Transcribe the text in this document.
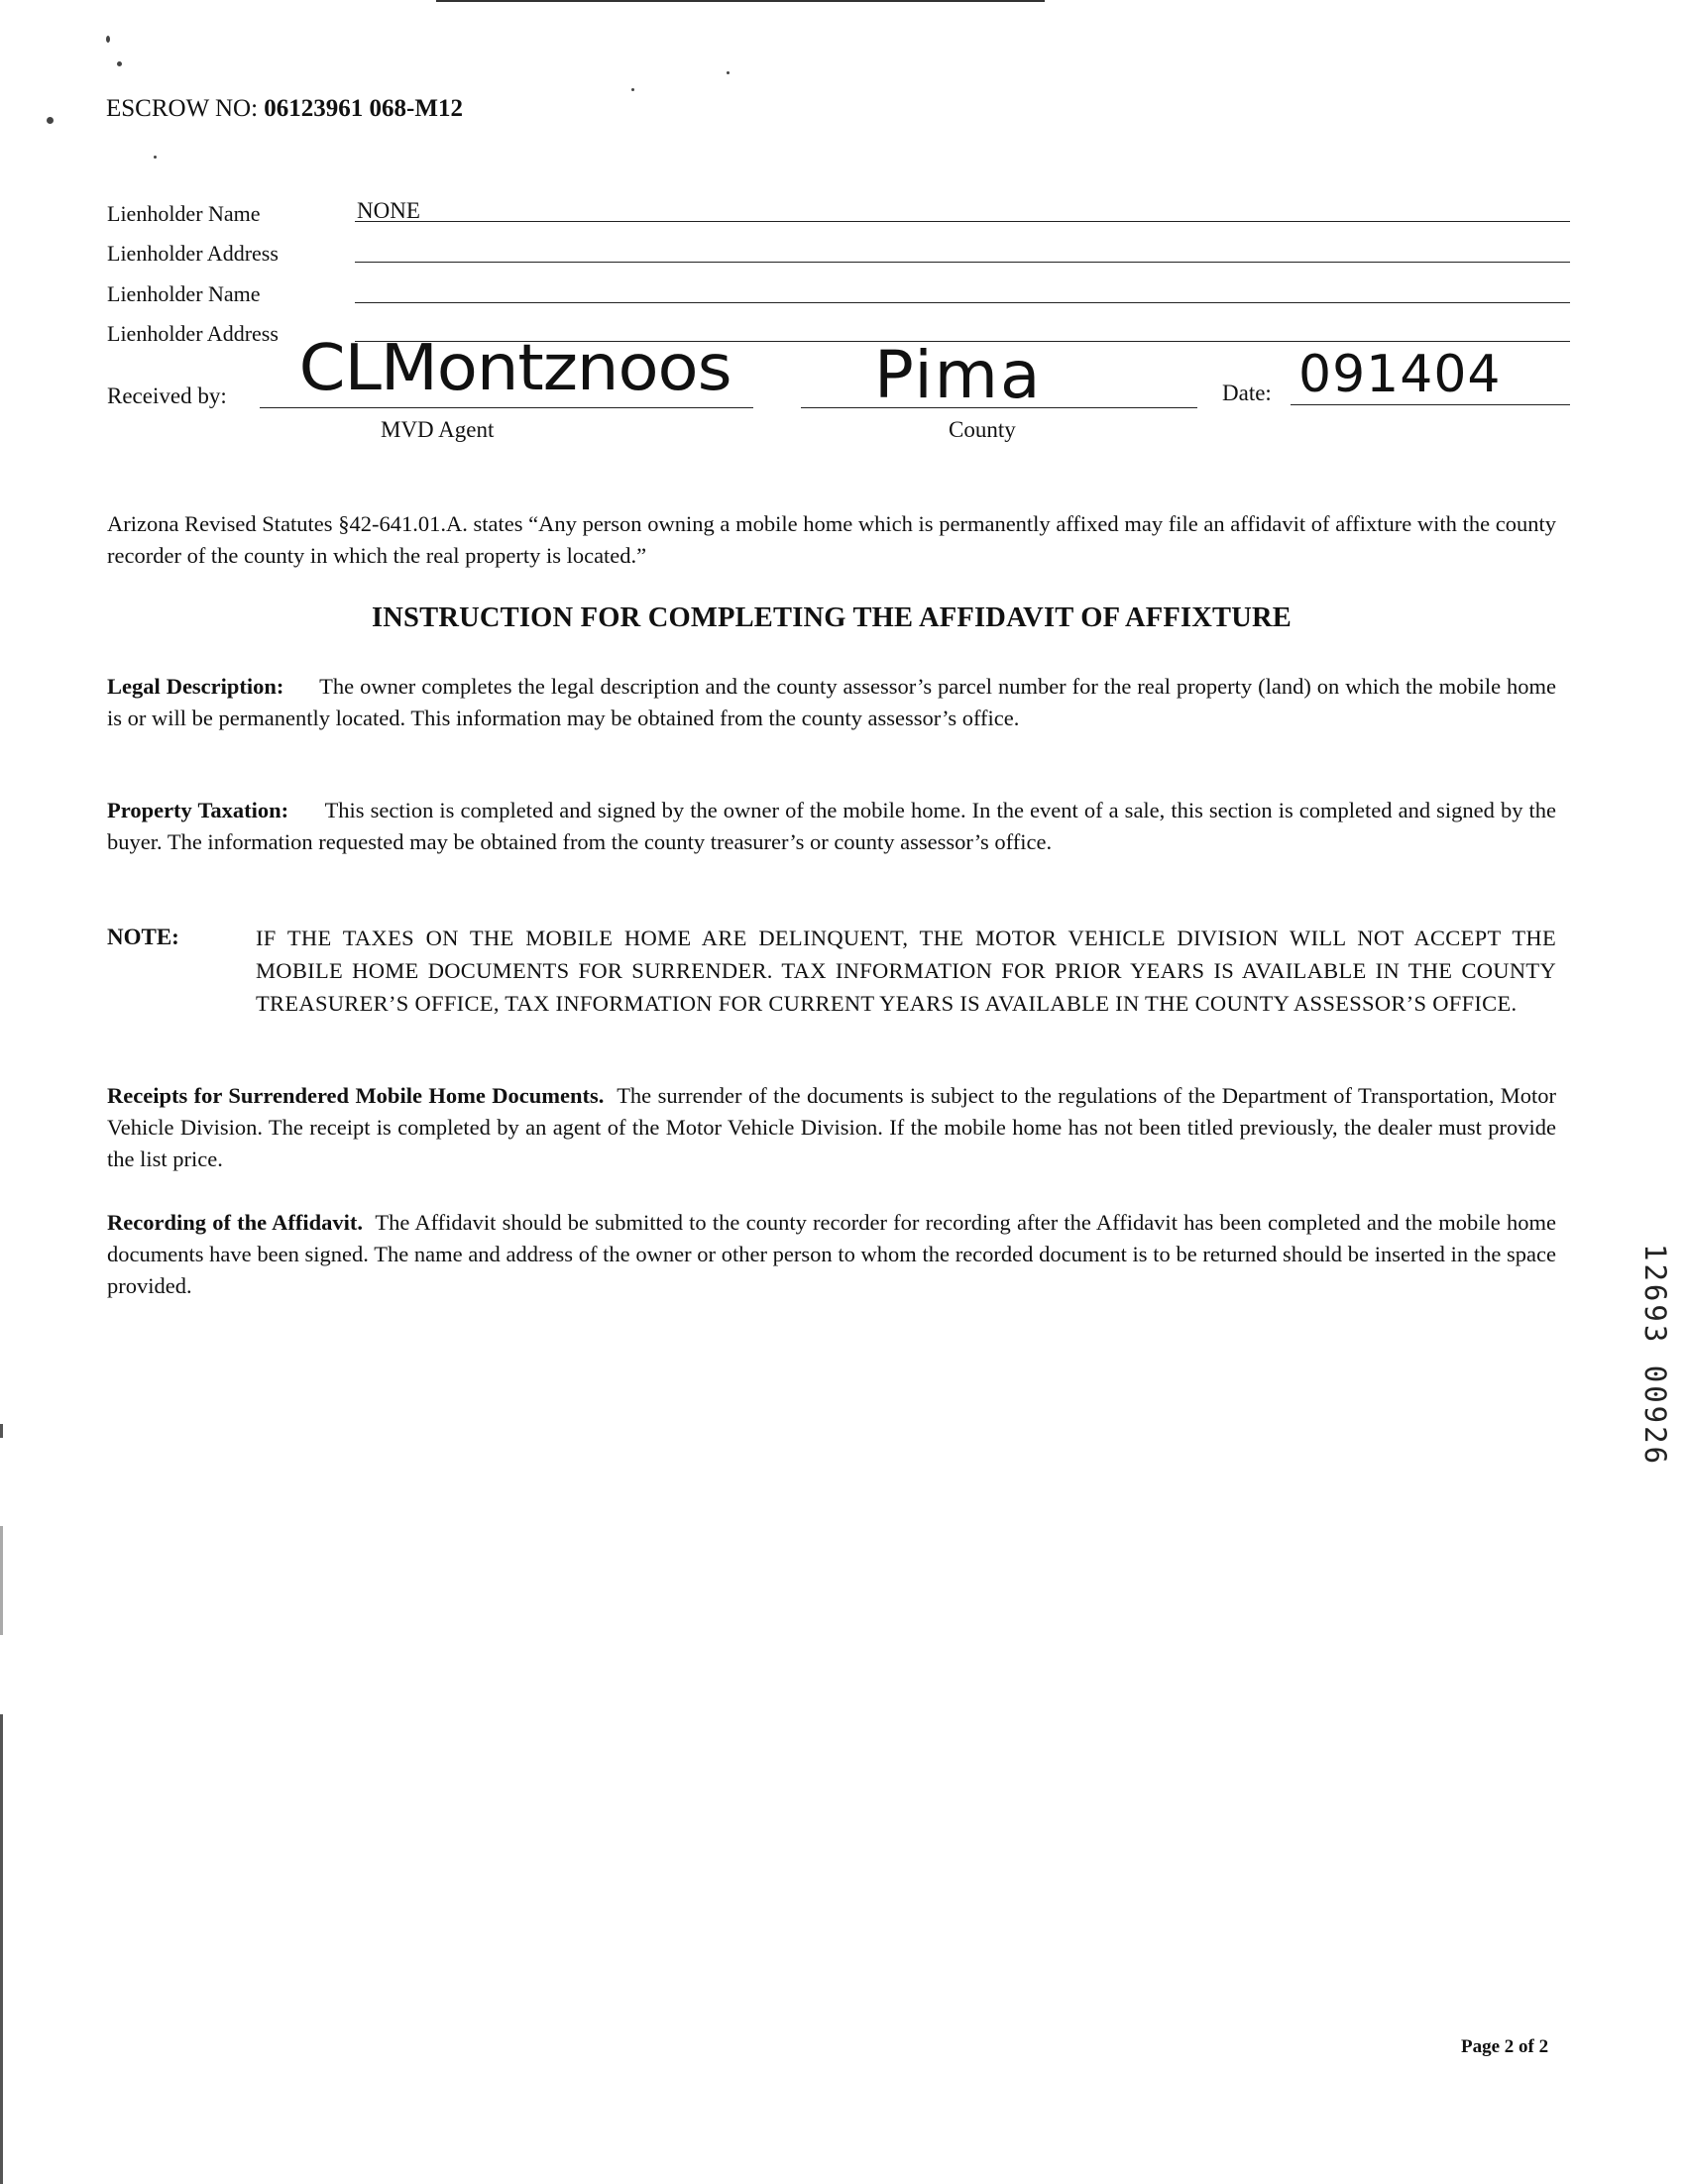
ESCROW NO: 06123961 068-M12
Lienholder Name	NONE
Lienholder Address
Lienholder Name
Lienholder Address
Received by: CLMontznoos
MVD Agent
Pima
County
Date: 091404
Arizona Revised Statutes §42-641.01.A. states “Any person owning a mobile home which is permanently affixed may file an affidavit of affixture with the county recorder of the county in which the real property is located.”
INSTRUCTION FOR COMPLETING THE AFFIDAVIT OF AFFIXTURE
Legal Description: The owner completes the legal description and the county assessor’s parcel number for the real property (land) on which the mobile home is or will be permanently located. This information may be obtained from the county assessor’s office.
Property Taxation: This section is completed and signed by the owner of the mobile home. In the event of a sale, this section is completed and signed by the buyer. The information requested may be obtained from the county treasurer’s or county assessor’s office.
NOTE:	IF THE TAXES ON THE MOBILE HOME ARE DELINQUENT, THE MOTOR VEHICLE DIVISION WILL NOT ACCEPT THE MOBILE HOME DOCUMENTS FOR SURRENDER. TAX INFORMATION FOR PRIOR YEARS IS AVAILABLE IN THE COUNTY TREASURER’S OFFICE, TAX INFORMATION FOR CURRENT YEARS IS AVAILABLE IN THE COUNTY ASSESSOR’S OFFICE.
Receipts for Surrendered Mobile Home Documents. The surrender of the documents is subject to the regulations of the Department of Transportation, Motor Vehicle Division. The receipt is completed by an agent of the Motor Vehicle Division. If the mobile home has not been titled previously, the dealer must provide the list price.
Recording of the Affidavit. The Affidavit should be submitted to the county recorder for recording after the Affidavit has been completed and the mobile home documents have been signed. The name and address of the owner or other person to whom the recorded document is to be returned should be inserted in the space provided.	12693 00926
Page 2 of 2
